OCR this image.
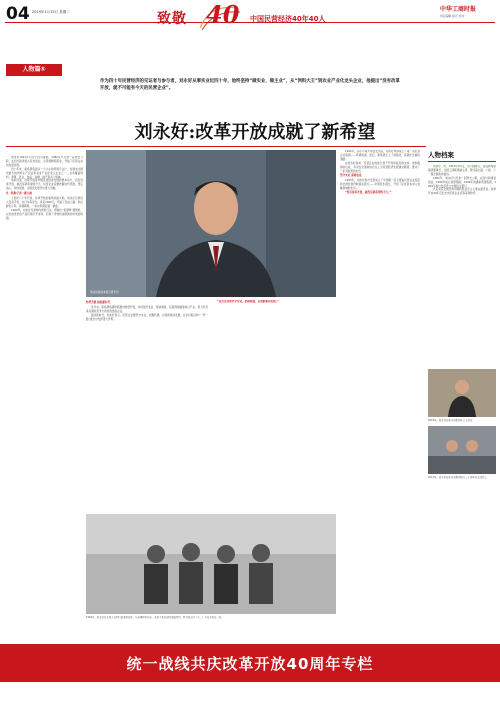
04 2019年1月15日 星期二	致敬 40 中国民营经济40年40人
中华工商时报
责任编辑 版式 校对
人物篇⑤
作为四十年民营经济的见证者与参与者，刘永好从事实业近四十年，始终坚持“做实业、做主业”，从“饲料大王”到农业产业化龙头企业，他提出“没有改革开放，就不可能有今天的民营企业”。
刘永好:改革开放成就了新希望

刘永好1951年出生于四川成都，1982年与兄弟一起辞去公职，在四川新津县古家村创业，从养殖鹌鹑起步，开始了民营企业的发展历程。

四十年来，新希望集团从一个小小的养殖专业户，发展成为国内最大的饲料生产企业和农业产业化龙头企业之一，业务覆盖饲料、养殖、乳业、食品、金融、地产等多个领域。

刘永好说，改革开放是中国民营经济发展的根本动力，没有改革开放，就没有新希望的今天。民营企业家要把握时代机遇，坚定信心，持续创新，为国家发展作出更大贡献。

从一粒种子到一棵大树

上世纪八十年代初，改革开放的春风吹遍大地。刘永好兄弟四人变卖手表、自行车等家当，凑足1000元，开始了创业之路。他们孵化小鸡、养殖鹌鹑，一步步积累起第一桶金。

1989年，刘永好兄弟转向饲料行业，研制出“希望牌”猪饲料，以优质低价的产品迅速打开市场，打破了洋饲料垄断国内市场的局面。

刘永好接受本报记者专访

1992年，邓小平南方谈话发表后，刘永好申请成立了第一家私营企业集团——希望集团。此后，新希望走上了规模化、集团化发展的道路。

在刘永好看来，民营企业的成长离不开党和政府的支持。他积极参政议政，多次在全国政协会议上为民营经济发展建言献策，推动了一系列政策的出台。

坚守实业 深耕农业

1993年，刘永好参与发起成立了中国第一家主要由民营企业投资的全国性股份制商业银行——中国民生银行，开创了民营资本进入金融领域的先河。

“没有改革开放，就没有新希望的今天。”

转型升级 拥抱新时代

近年来，新希望集团积极推进转型升级，布局现代农业、智能制造、互联网金融等新兴产业，努力打造具有国际竞争力的农牧食品企业。

面对新时代，刘永好表示，民营企业要坚守实业，把握机遇，以创新驱动发展，在乡村振兴和“一带一路”建设中发挥更大作用。

“民营企业要坚守实业，把握机遇，以创新驱动发展。”

1982年，刘永好兄弟四人在四川新津县创业，从养殖鹌鹑起步，开始了新希望的发展历程。图为刘永好（左二）与兄弟们在一起。
人物档案

刘永好，男，1951年9月生，四川成都人。现任新希望集团董事长，全国工商联原副主席，曾任第九届、十届、十一届全国政协委员。

1982年，刘永好与兄弟一起辞去公职，在四川新津县创业。1992年成立希望集团，1996年创建新希望集团，1993年参与发起设立中国民生银行。

先后荣获全国优秀中国特色社会主义事业建设者、改革开放40年百名杰出民营企业家等荣誉称号。

2018年，刘永好在新希望集团年会上讲话
2013年，刘永好在新希望集团成立三十周年纪念活动上
统一战线共庆改革开放40周年专栏
